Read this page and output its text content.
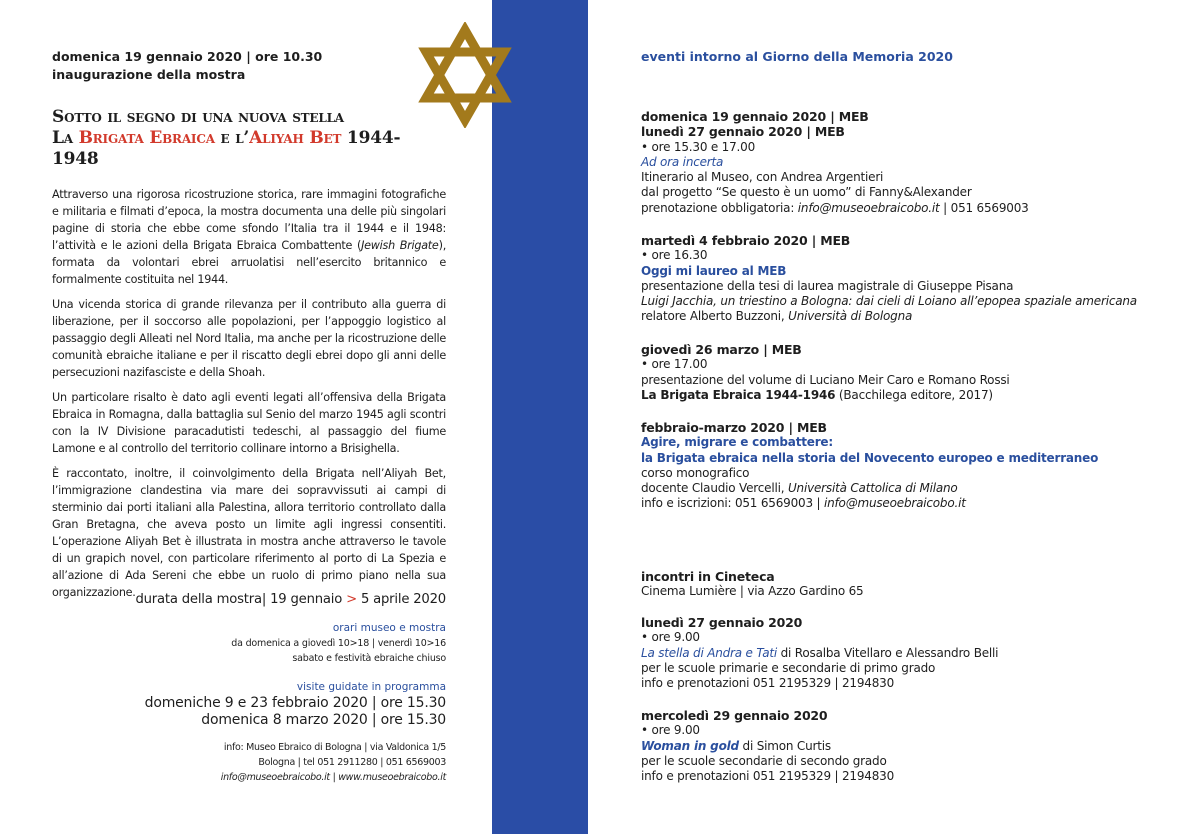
domenica 19 gennaio 2020 | ore 10.30
inaugurazione della mostra
Sotto il segno di una nuova stella
La Brigata Ebraica e l’Aliyah Bet 1944-1948

Attraverso una rigorosa ricostruzione storica, rare immagini fotografiche e militaria e filmati d’epoca, la mostra documenta una delle più singolari pagine di storia che ebbe come sfondo l’Italia tra il 1944 e il 1948: l’attività e le azioni della Brigata Ebraica Combattente (Jewish Brigate), formata da volontari ebrei arruolatisi nell’esercito britannico e formalmente costituita nel 1944.

Una vicenda storica di grande rilevanza per il contributo alla guerra di liberazione, per il soccorso alle popolazioni, per l’appoggio logistico al passaggio degli Alleati nel Nord Italia, ma anche per la ricostruzione delle comunità ebraiche italiane e per il riscatto degli ebrei dopo gli anni delle persecuzioni nazifasciste e della Shoah.

Un particolare risalto è dato agli eventi legati all’offensiva della Brigata Ebraica in Romagna, dalla battaglia sul Senio del marzo 1945 agli scontri con la IV Divisione paracadutisti tedeschi, al passaggio del fiume Lamone e al controllo del territorio collinare intorno a Brisighella.

È raccontato, inoltre, il coinvolgimento della Brigata nell’Aliyah Bet, l’immigrazione clandestina via mare dei sopravvissuti ai campi di sterminio dai porti italiani alla Palestina, allora territorio controllato dalla Gran Bretagna, che aveva posto un limite agli ingressi consentiti. L’operazione Aliyah Bet è illustrata in mostra anche attraverso le tavole di un grapich novel, con particolare riferimento al porto di La Spezia e all’azione di Ada Sereni che ebbe un ruolo di primo piano nella sua organizzazione. durata della mostra| 19 gennaio > 5 aprile 2020
orari museo e mostra
da domenica a giovedì 10>18 | venerdì 10>16
sabato e festività ebraiche chiuso
visite guidate in programma
domeniche 9 e 23 febbraio 2020 | ore 15.30
domenica 8 marzo 2020 | ore 15.30
info: Museo Ebraico di Bologna | via Valdonica 1/5
Bologna | tel 051 2911280 | 051 6569003
info@museoebraicobo.it | www.museoebraicobo.it
eventi intorno al Giorno della Memoria 2020
domenica 19 gennaio 2020 | MEB
lunedì 27 gennaio 2020 | MEB
• ore 15.30 e 17.00
Ad ora incerta
Itinerario al Museo, con Andrea Argentieri
dal progetto “Se questo è un uomo” di Fanny&Alexander
prenotazione obbligatoria: info@museoebraicobo.it | 051 6569003
martedì 4 febbraio 2020 | MEB
• ore 16.30
Oggi mi laureo al MEB
presentazione della tesi di laurea magistrale di Giuseppe Pisana
Luigi Jacchia, un triestino a Bologna: dai cieli di Loiano all’epopea spaziale americana
relatore Alberto Buzzoni, Università di Bologna
giovedì 26 marzo | MEB
• ore 17.00
presentazione del volume di Luciano Meir Caro e Romano Rossi
La Brigata Ebraica 1944-1946 (Bacchilega editore, 2017)
febbraio-marzo 2020 | MEB
Agire, migrare e combattere:
la Brigata ebraica nella storia del Novecento europeo e mediterraneo
corso monografico
docente Claudio Vercelli, Università Cattolica di Milano
info e iscrizioni: 051 6569003 | info@museoebraicobo.it
incontri in Cineteca
Cinema Lumière | via Azzo Gardino 65
lunedì 27 gennaio 2020
• ore 9.00
La stella di Andra e Tati di Rosalba Vitellaro e Alessandro Belli
per le scuole primarie e secondarie di primo grado
info e prenotazioni 051 2195329 | 2194830
mercoledì 29 gennaio 2020
• ore 9.00
Woman in gold di Simon Curtis
per le scuole secondarie di secondo grado
info e prenotazioni 051 2195329 | 2194830
